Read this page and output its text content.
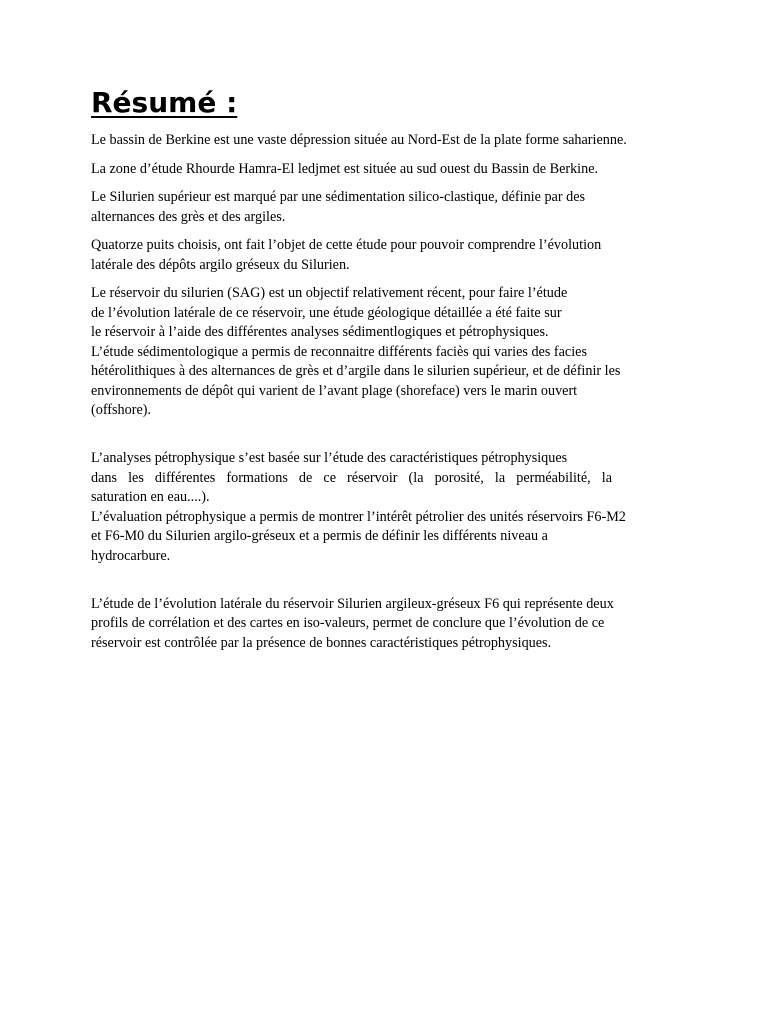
Résumé :

Le bassin de Berkine est une vaste dépression située au Nord-Est de la plate forme saharienne.

La zone d’étude Rhourde Hamra-El ledjmet est située au sud ouest du Bassin de Berkine.

Le Silurien supérieur est marqué par une sédimentation silico-clastique, définie par des
alternances des grès et des argiles.

Quatorze puits choisis, ont fait l’objet de cette étude pour pouvoir comprendre l’évolution
latérale des dépôts argilo gréseux du Silurien.

Le réservoir du silurien (SAG) est un objectif relativement récent, pour faire l’étude
de l’évolution latérale de ce réservoir, une étude géologique détaillée a été faite sur
le réservoir à l’aide des différentes analyses sédimentlogiques et pétrophysiques.
L’étude sédimentologique a permis de reconnaitre différents faciès qui varies des facies
hétérolithiques à des alternances de grès et d’argile dans le silurien supérieur, et de définir les
environnements de dépôt qui varient de l’avant plage (shoreface) vers le marin ouvert
(offshore).

L’analyses pétrophysique s’est basée sur l’étude des caractéristiques pétrophysiques
dans les différentes formations de ce réservoir (la porosité, la perméabilité, la
saturation en eau....).
L’évaluation pétrophysique a permis de montrer l’intérêt pétrolier des unités réservoirs F6-M2
et F6-M0 du Silurien argilo-gréseux et a permis de définir les différents niveau a
hydrocarbure.

L’étude de l’évolution latérale du réservoir Silurien argileux-gréseux F6 qui représente deux
profils de corrélation et des cartes en iso-valeurs, permet de conclure que l’évolution de ce
réservoir est contrôlée par la présence de bonnes caractéristiques pétrophysiques.
